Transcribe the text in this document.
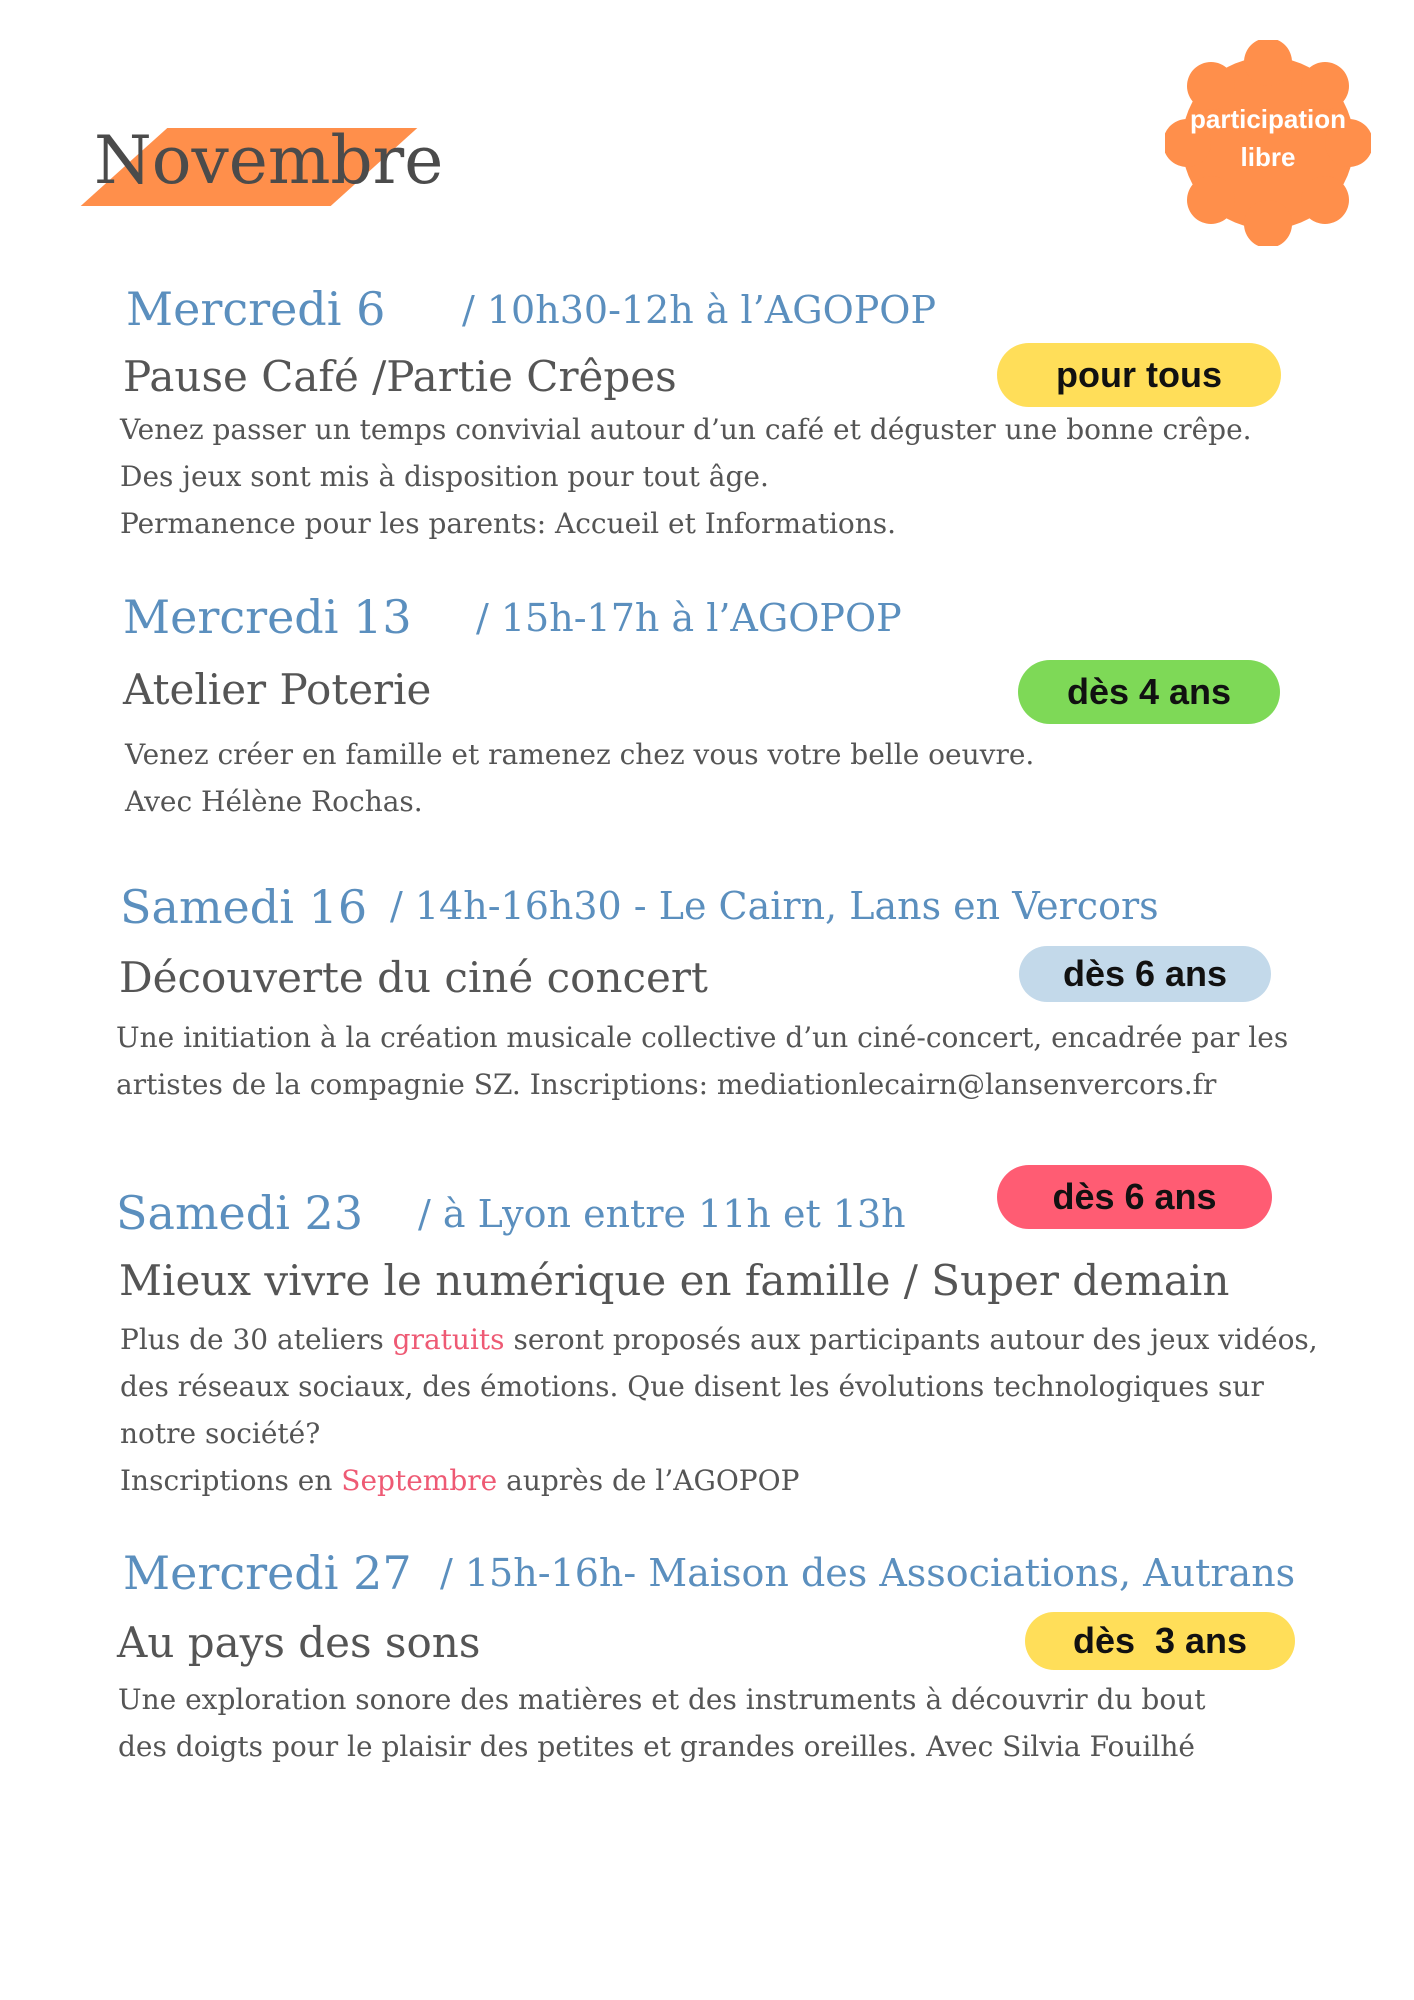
Novembre
participation
libre
Mercredi 6 / 10h30-12h à l’AGOPOP
Pause Café /Partie Crêpes	pour tous

Venez passer un temps convivial autour d’un café et déguster une bonne crêpe.
Des jeux sont mis à disposition pour tout âge.
Permanence pour les parents: Accueil et Informations.

Mercredi 13 / 15h-17h à l’AGOPOP
Atelier Poterie	dès 4 ans

Venez créer en famille et ramenez chez vous votre belle oeuvre.
Avec Hélène Rochas.

Samedi 16 / 14h-16h30 - Le Cairn, Lans en Vercors
Découverte du ciné concert	dès 6 ans

Une initiation à la création musicale collective d’un ciné-concert, encadrée par les
artistes de la compagnie SZ. Inscriptions: mediationlecairn@lansenvercors.fr

Samedi 23 / à Lyon entre 11h et 13h	dès 6 ans
Mieux vivre le numérique en famille / Super demain

Plus de 30 ateliers gratuits seront proposés aux participants autour des jeux vidéos,
des réseaux sociaux, des émotions. Que disent les évolutions technologiques sur
notre société?
Inscriptions en Septembre auprès de l’AGOPOP

Mercredi 27 / 15h-16h- Maison des Associations, Autrans
Au pays des sons	dès  3 ans

Une exploration sonore des matières et des instruments à découvrir du bout
des doigts pour le plaisir des petites et grandes oreilles. Avec Silvia Fouilhé
